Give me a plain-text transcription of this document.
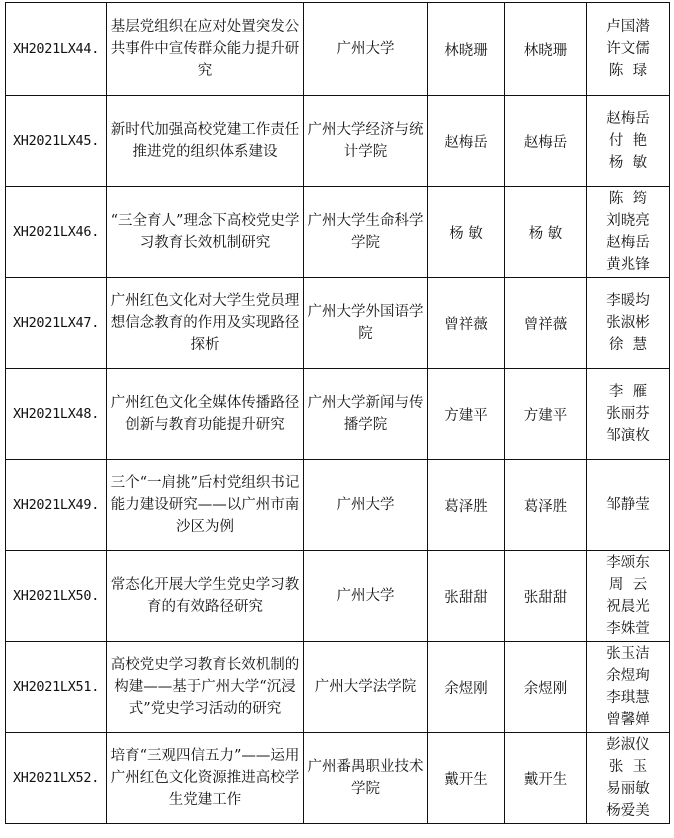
XH2021LX44.	基层党组织在应对处置突发公共事件中宣传群众能力提升研究	广州大学	林晓珊	林晓珊	卢国潜
许文儒
陈  琭

XH2021LX45.	新时代加强高校党建工作责任推进党的组织体系建设	广州大学经济与统计学院	赵梅岳	赵梅岳	赵梅岳
付  艳
杨  敏

XH2021LX46.	“三全育人”理念下高校党史学习教育长效机制研究	广州大学生命科学学院	杨 敏	杨 敏	陈  筠
刘晓亮
赵梅岳
黄兆锋

XH2021LX47.	广州红色文化对大学生党员理想信念教育的作用及实现路径探析	广州大学外国语学院	曾祥薇	曾祥薇	李暖均
张淑彬
徐  慧

XH2021LX48.	广州红色文化全媒体传播路径创新与教育功能提升研究	广州大学新闻与传播学院	方建平	方建平	李  雁
张丽芬
邹演枚

XH2021LX49.	三个“一肩挑”后村党组织书记能力建设研究——以广州市南沙区为例	广州大学	葛泽胜	葛泽胜	邹静莹

XH2021LX50.	常态化开展大学生党史学习教育的有效路径研究	广州大学	张甜甜	张甜甜	李颂东
周  云
祝晨光
李姝萱

XH2021LX51.	高校党史学习教育长效机制的构建——基于广州大学“沉浸式”党史学习活动的研究	广州大学法学院	余煜刚	余煜刚	张玉洁
余煜珣
李琪慧
曾馨婵

XH2021LX52.	培育“三观四信五力”——运用广州红色文化资源推进高校学生党建工作	广州番禺职业技术学院	戴开生	戴开生	彭淑仪
张  玉
易丽敏
杨爱美
